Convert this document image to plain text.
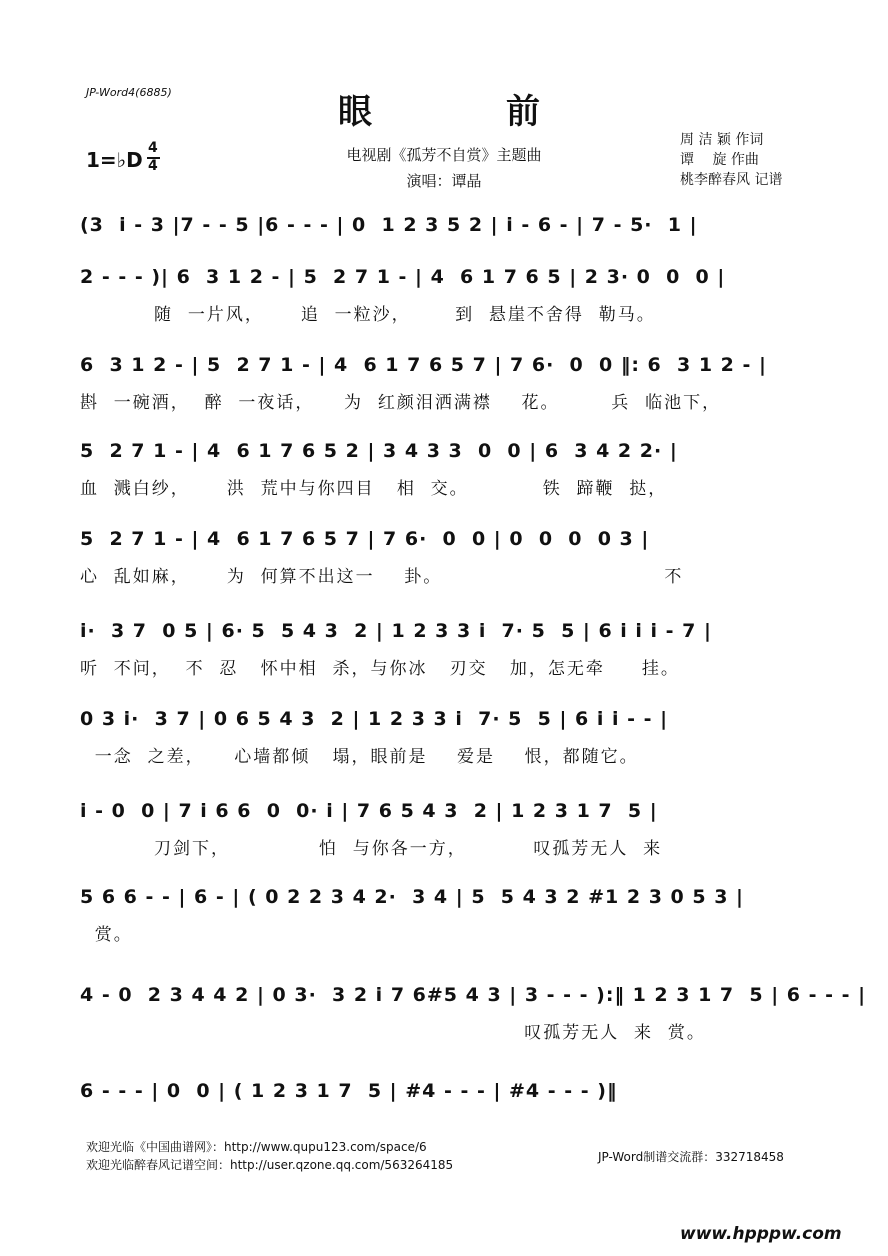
JP-Word4(6885)	眼　前
1=♭D 4
4
电视剧《孤芳不自赏》主题曲
演唱：谭晶
周 洁 颖 作词
谭　 旋 作曲
桃李醉春风 记谱
(3  i - 3 |7 - - 5 |6 - - - | 0  1 2 3 5 2 | i - 6 - | 7 - 5·  1 |
2 - - - )| 6  3 1 2 - | 5  2 7 1 - | 4  6 1 7 6 5 | 2 3· 0  0  0 |
随  一片风，     追  一粒沙，      到  悬崖不舍得  勒马。
6  3 1 2 - | 5  2 7 1 - | 4  6 1 7 6 5 7 | 7 6·  0  0 ‖: 6  3 1 2 - |
斟  一碗酒，  醉  一夜话，    为  红颜泪洒满襟    花。       兵  临池下，
5  2 7 1 - | 4  6 1 7 6 5 2 | 3 4 3 3  0  0 | 6  3 4 2 2· |
血  溅白纱，     洪  荒中与你四目   相  交。          铁  蹄鞭  挞，
5  2 7 1 - | 4  6 1 7 6 5 7 | 7 6·  0  0 | 0  0  0  0 3 |
心  乱如麻，     为  何算不出这一    卦。                              不
i·  3 7  0 5 | 6· 5  5 4 3  2 | 1 2 3 3 i  7· 5  5 | 6 i i i - 7 |
听  不问，  不  忍   怀中相  杀，与你冰   刃交   加，怎无牵     挂。
0 3 i·  3 7 | 0 6 5 4 3  2 | 1 2 3 3 i  7· 5  5 | 6 i i - - |
一念  之差，    心墙都倾   塌，眼前是    爱是    恨，都随它。
i - 0  0 | 7 i 6 6  0  0· i | 7 6 5 4 3  2 | 1 2 3 1 7  5 |
刀剑下，            怕  与你各一方，         叹孤芳无人  来
5 6 6 - - | 6 - | ( 0 2 2 3 4 2·  3 4 | 5  5 4 3 2 #1 2 3 0 5 3 |
赏。
4 - 0  2 3 4 4 2 | 0 3·  3 2 i 7 6#5 4 3 | 3 - - - ):‖ 1 2 3 1 7  5 | 6 - - - |
叹孤芳无人  来  赏。
6 - - - | 0  0 | ( 1 2 3 1 7  5 | #4 - - - | #4 - - - )‖
欢迎光临《中国曲谱网》：http://www.qupu123.com/space/6
欢迎光临醉春风记谱空间：http://user.qzone.qq.com/563264185
JP-Word制谱交流群：332718458
www.hpppw.com
